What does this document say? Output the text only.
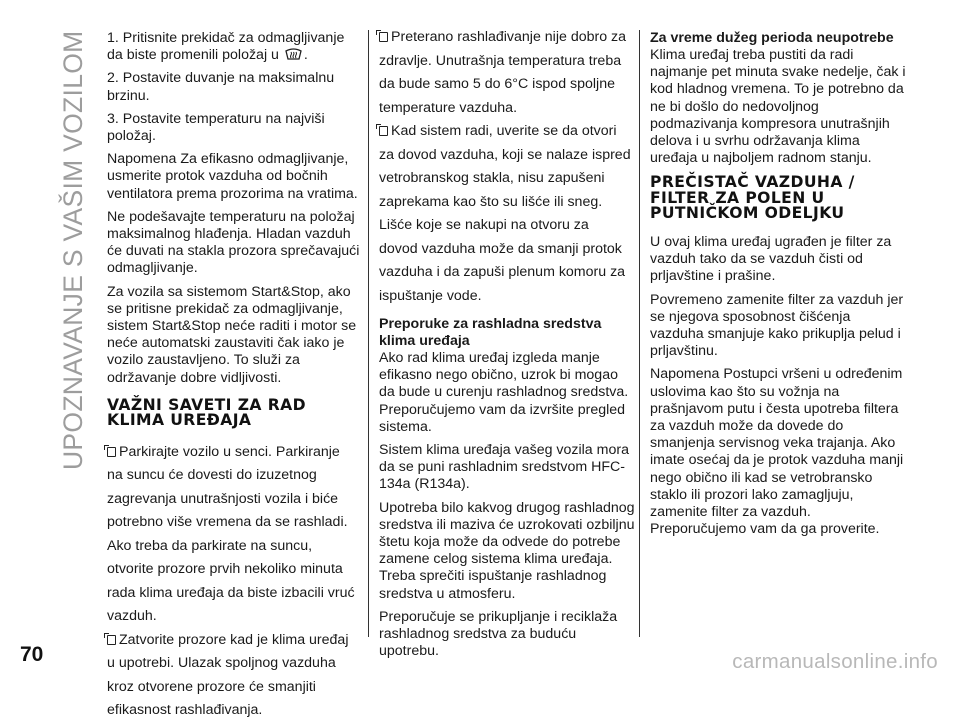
UPOZNAVANJE S VAŠIM VOZILOM 1. Pritisnite prekidač za odmagljivanje da biste promenili položaj u .

2. Postavite duvanje na maksimalnu brzinu.

3. Postavite temperaturu na najviši položaj.

Napomena Za efikasno odmagljivanje, usmerite protok vazduha od bočnih ventilatora prema prozorima na vratima.

Ne podešavajte temperaturu na položaj maksimalnog hlađenja. Hladan vazduh će duvati na stakla prozora sprečavajući odmagljivanje.

Za vozila sa sistemom Start&Stop, ako se pritisne prekidač za odmagljivanje, sistem Start&Stop neće raditi i motor se neće automatski zaustaviti čak iako je vozilo zaustavljeno. To služi za održavanje dobre vidljivosti.

VAŽNI SAVETI ZA RAD
KLIMA UREĐAJA
Parkirajte vozilo u senci. Parkiranje
na suncu će dovesti do izuzetnog
zagrevanja unutrašnjosti vozila i biće
potrebno više vremena da se rashladi.
Ako treba da parkirate na suncu,
otvorite prozore prvih nekoliko minuta
rada klima uređaja da biste izbacili vruć
vazduh.
Zatvorite prozore kad je klima uređaj
u upotrebi. Ulazak spoljnog vazduha
kroz otvorene prozore će smanjiti
efikasnost rashlađivanja.
Preterano rashlađivanje nije dobro za
zdravlje. Unutrašnja temperatura treba
da bude samo 5 do 6°C ispod spoljne
temperature vazduha.
Kad sistem radi, uverite se da otvori
za dovod vazduha, koji se nalaze ispred
vetrobranskog stakla, nisu zapušeni
zaprekama kao što su lišće ili sneg.
Lišće koje se nakupi na otvoru za
dovod vazduha može da smanji protok
vazduha i da zapuši plenum komoru za
ispuštanje vode.

Preporuke za rashladna sredstva klima uređaja

Ako rad klima uređaj izgleda manje efikasno nego obično, uzrok bi mogao da bude u curenju rashladnog sredstva. Preporučujemo vam da izvršite pregled sistema.

Sistem klima uređaja vašeg vozila mora da se puni rashladnim sredstvom HFC-134a (R134a).

Upotreba bilo kakvog drugog rashladnog sredstva ili maziva će uzrokovati ozbiljnu štetu koja može da odvede do potrebe zamene celog sistema klima uređaja. Treba sprečiti ispuštanje rashladnog sredstva u atmosferu.

Preporučuje se prikupljanje i reciklaža rashladnog sredstva za buduću upotrebu.

Za vreme dužeg perioda neupotrebe

Klima uređaj treba pustiti da radi najmanje pet minuta svake nedelje, čak i kod hladnog vremena. To je potrebno da ne bi došlo do nedovoljnog podmazivanja kompresora unutrašnjih delova i u svrhu održavanja klima uređaja u najboljem radnom stanju.

PREČISTAČ VAZDUHA /
FILTER ZA POLEN U
PUTNIČKOM ODELJKU

U ovaj klima uređaj ugrađen je filter za vazduh tako da se vazduh čisti od prljavštine i prašine.

Povremeno zamenite filter za vazduh jer se njegova sposobnost čišćenja vazduha smanjuje kako prikuplja pelud i prljavštinu.

Napomena Postupci vršeni u određenim uslovima kao što su vožnja na prašnjavom putu i česta upotreba filtera za vazduh može da dovede do smanjenja servisnog veka trajanja. Ako imate osećaj da je protok vazduha manji nego obično ili kad se vetrobransko staklo ili prozori lako zamagljuju, zamenite filter za vazduh. Preporučujemo vam da ga proverite.

70	carmanualsonline.info
